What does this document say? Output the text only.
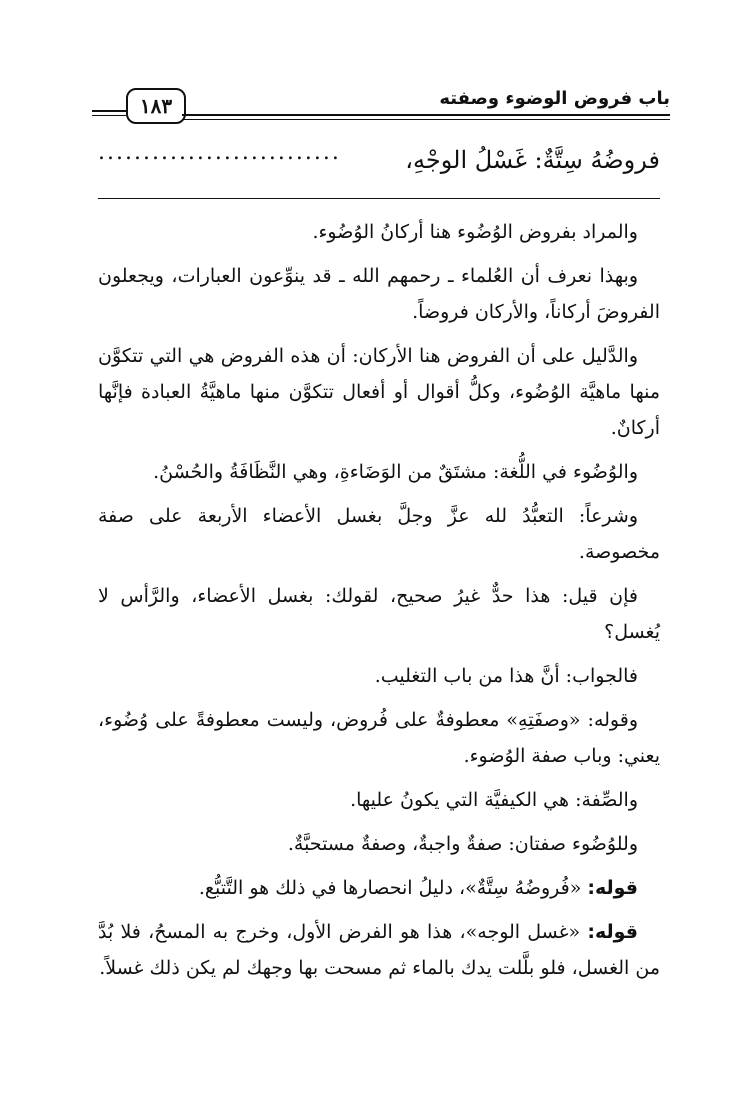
باب فروض الوضوء وصفته
١٨٣
فروضُهُ سِتَّةٌ: غَسْلُ الوجْهِ،
...........................

والمراد بفروض الوُضُوء هنا أركانُ الوُضُوء.

وبهذا نعرف أن العُلماء ـ رحمهم الله ـ قد ينوِّعون العبارات، ويجعلون الفروضَ أركاناً، والأركان فروضاً.

والدَّليل على أن الفروض هنا الأركان: أن هذه الفروض هي التي تتكوَّن منها ماهيَّة الوُضُوء، وكلُّ أقوال أو أفعال تتكوَّن منها ماهيَّةُ العبادة فإنَّها أركانٌ.

والوُضُوء في اللُّغة: مشتَقٌ من الوَضَاءةِ، وهي النَّظَافَةُ والحُسْنُ.

وشرعاً: التعبُّدُ لله عزَّ وجلَّ بغسل الأعضاء الأربعة على صفة مخصوصة.

فإن قيل: هذا حدٌّ غيرُ صحيح، لقولك: بغسل الأعضاء، والرَّأس لا يُغسل؟

فالجواب: أنَّ هذا من باب التغليب.

وقوله: «وصفَتِهِ» معطوفةٌ على فُروض، وليست معطوفةً على وُضُوء، يعني: وباب صفة الوُضوء.

والصِّفة: هي الكيفيَّة التي يكونُ عليها.

وللوُضُوء صفتان: صفةٌ واجبةٌ، وصفةٌ مستحبَّةٌ.

قوله: «فُروضُهُ سِتَّةٌ»، دليلُ انحصارها في ذلك هو التَّتبُّع.

قوله: «غسل الوجه»، هذا هو الفرض الأول، وخرج به المسحُ، فلا بُدَّ من الغسل، فلو بلَّلت يدك بالماء ثم مسحت بها وجهك لم يكن ذلك غسلاً.
